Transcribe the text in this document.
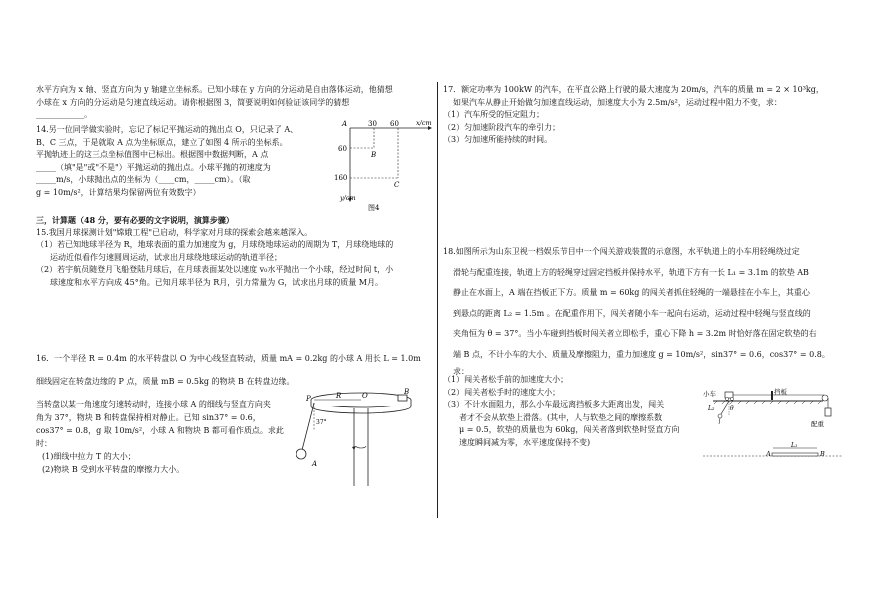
水平方向为 x 轴、竖直方向为 y 轴建立坐标系。已知小球在 y 方向的分运动是自由落体运动，他猜想

小球在 x 方向的分运动是匀速直线运动。请你根据图 3，简要说明如何验证该同学的猜想

____________。

14.另一位同学做实验时，忘记了标记平抛运动的抛出点 O，只记录了 A、

B、C 三点，于是就取 A 点为坐标原点，建立了如图 4 所示的坐标系。

平抛轨迹上的这三点坐标值图中已标出。根据图中数据判断，A 点

_____（填"是"或"不是"）平抛运动的抛出点。小球平抛的初速度为

_____m/s，小球抛出点的坐标为（____cm，_____cm）。（取

g = 10m/s²，计算结果均保留两位有效数字）

A	30 60	x/cm
60
160
B
C
y/cm
图4

三，计算题（48 分，要有必要的文字说明，演算步骤）

15.我国月球探测计划"嫦娥工程"已启动，科学家对月球的探索会越来越深入。

（1）若已知地球半径为 R，地球表面的重力加速度为 g，月球绕地球运动的周期为 T，月球绕地球的

运动近似看作匀速圆周运动，试求出月球绕地球运动的轨道半径；

（2）若宇航员随登月飞船登陆月球后，在月球表面某处以速度 v₀水平抛出一个小球，经过时间 t，小

球速度和水平方向成 45°角。已知月球半径为 R月，引力常量为 G，试求出月球的质量 M月。

16．一个半径 R = 0.4m 的水平转盘以 O 为中心线竖直转动，质量 mA = 0.2kg 的小球 A 用长 L = 1.0m

细线固定在转盘边缘的 P 点，质量 mB = 0.5kg 的物块 B 在转盘边缘。

当转盘以某一角速度匀速转动时，连接小球 A 的细线与竖直方向夹

角为 37°，物块 B 和转盘保持相对静止。已知 sin37° = 0.6，

cos37° = 0.8，g 取 10m/s²，小球 A 和物块 B 都可看作质点。求此

时：

(1)细线中拉力 T 的大小；

(2)物块 B 受到水平转盘的摩擦力大小。

P	R	O	B
37°
A

17．额定功率为 100kW 的汽车，在平直公路上行驶的最大速度为 20m/s，汽车的质量 m = 2 × 10³kg，

如果汽车从静止开始做匀加速直线运动，加速度大小为 2.5m/s²，运动过程中阻力不变，求：

（1）汽车所受的恒定阻力；

（2）匀加速阶段汽车的牵引力；

（3）匀加速所能持续的时间。

18.如图所示为山东卫视一档娱乐节目中一个闯关游戏装置的示意图，水平轨道上的小车用轻绳绕过定

滑轮与配重连接，轨道上方的轻绳穿过固定挡板并保持水平，轨道下方有一长 L₁ = 3.1m 的软垫 AB

静止在水面上，A 端在挡板正下方。质量 m = 60kg 的闯关者抓住轻绳的一端悬挂在小车上，其重心

到悬点的距离 L₂ = 1.5m 。在配重作用下，闯关者随小车一起向右运动，运动过程中轻绳与竖直线的

夹角恒为 θ = 37°。当小车碰到挡板时闯关者立即松手，重心下降 h = 3.2m 时恰好落在固定软垫的右

端 B 点，不计小车的大小、质量及摩擦阻力，重力加速度 g = 10m/s²，sin37° = 0.6，cos37° = 0.8。

求：

（1）闯关者松手前的加速度大小；

（2）闯关者松手时的速度大小；

（3）不计水面阻力，那么小车最远离挡板多大距离出发，闯关

者才不会从软垫上滑落。(其中，人与软垫之间的摩擦系数

μ = 0.5，软垫的质量也为 60kg，闯关者落到软垫时竖直方向

速度瞬间减为零，水平速度保持不变)

小车	挡板
配重
L₂	θ
A
L₁
B
